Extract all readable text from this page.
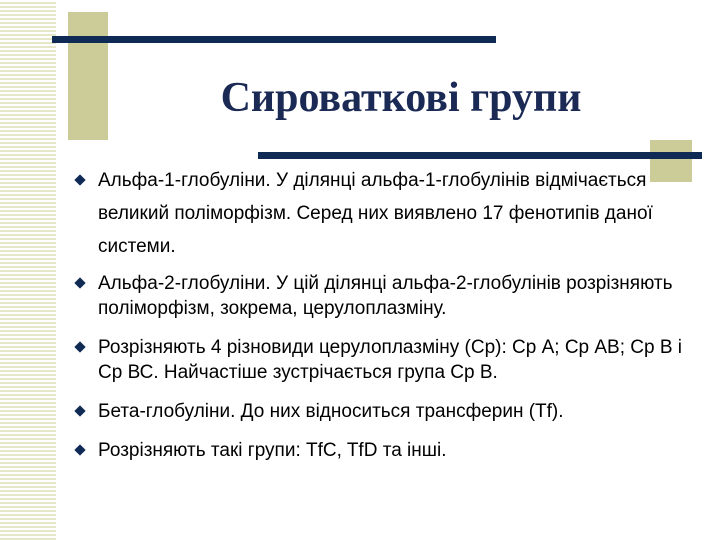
Сироваткові групи
Альфа-1-глобуліни. У ділянці альфа-1-глобулінів відмічається великий поліморфізм. Серед них виявлено 17 фенотипів даної системи.
Альфа-2-глобуліни. У цій ділянці альфа-2-глобулінів розрізняють поліморфізм, зокрема, церулоплазміну.
Розрізняють 4 різновиди церулоплазміну (Ср): Ср А; Ср АВ; Ср В і Ср ВС. Найчастіше зустрічається група Ср В.
Бета-глобуліни. До них відноситься трансферин (Tf).
Розрізняють такі групи: TfC, TfD та інші.
